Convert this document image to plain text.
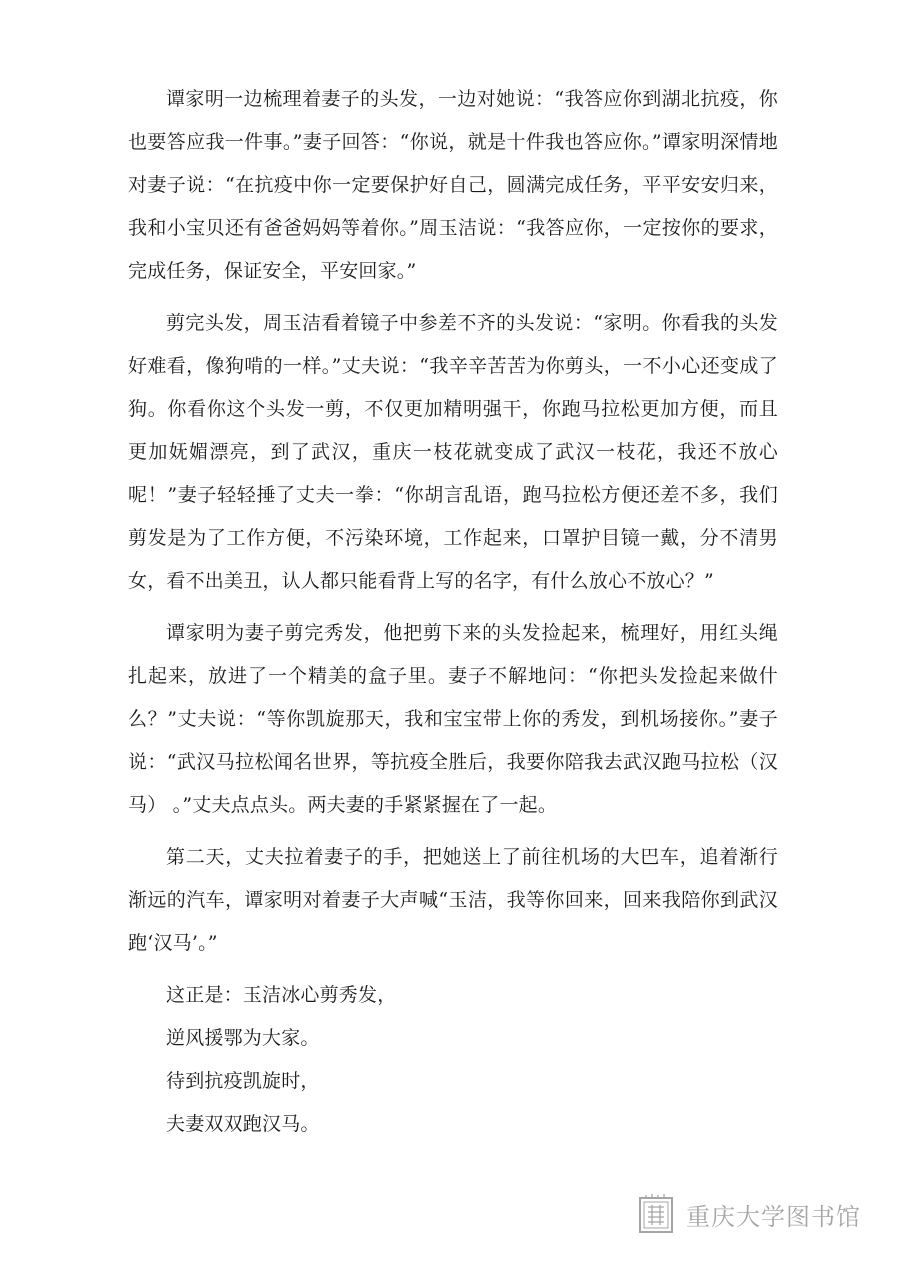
谭家明一边梳理着妻子的头发，一边对她说：“我答应你到湖北抗疫，你也要答应我一件事。”妻子回答：“你说，就是十件我也答应你。”谭家明深情地对妻子说：“在抗疫中你一定要保护好自己，圆满完成任务，平平安安归来，我和小宝贝还有爸爸妈妈等着你。”周玉洁说：“我答应你，一定按你的要求，完成任务，保证安全，平安回家。”

剪完头发，周玉洁看着镜子中参差不齐的头发说：“家明。你看我的头发好难看，像狗啃的一样。”丈夫说：“我辛辛苦苦为你剪头，一不小心还变成了狗。你看你这个头发一剪，不仅更加精明强干，你跑马拉松更加方便，而且更加妩媚漂亮，到了武汉，重庆一枝花就变成了武汉一枝花，我还不放心呢！”妻子轻轻捶了丈夫一拳：“你胡言乱语，跑马拉松方便还差不多，我们剪发是为了工作方便，不污染环境，工作起来，口罩护目镜一戴，分不清男女，看不出美丑，认人都只能看背上写的名字，有什么放心不放心？”

谭家明为妻子剪完秀发，他把剪下来的头发捡起来，梳理好，用红头绳扎起来，放进了一个精美的盒子里。妻子不解地问：“你把头发捡起来做什么？”丈夫说：“等你凯旋那天，我和宝宝带上你的秀发，到机场接你。”妻子说：“武汉马拉松闻名世界，等抗疫全胜后，我要你陪我去武汉跑马拉松（汉马） 。”丈夫点点头。两夫妻的手紧紧握在了一起。

第二天，丈夫拉着妻子的手，把她送上了前往机场的大巴车，追着渐行渐远的汽车，谭家明对着妻子大声喊“玉洁，我等你回来，回来我陪你到武汉跑‘汉马’。”

这正是：玉洁冰心剪秀发，

逆风援鄂为大家。

待到抗疫凯旋时，

夫妻双双跑汉马。

重庆大学图书馆
